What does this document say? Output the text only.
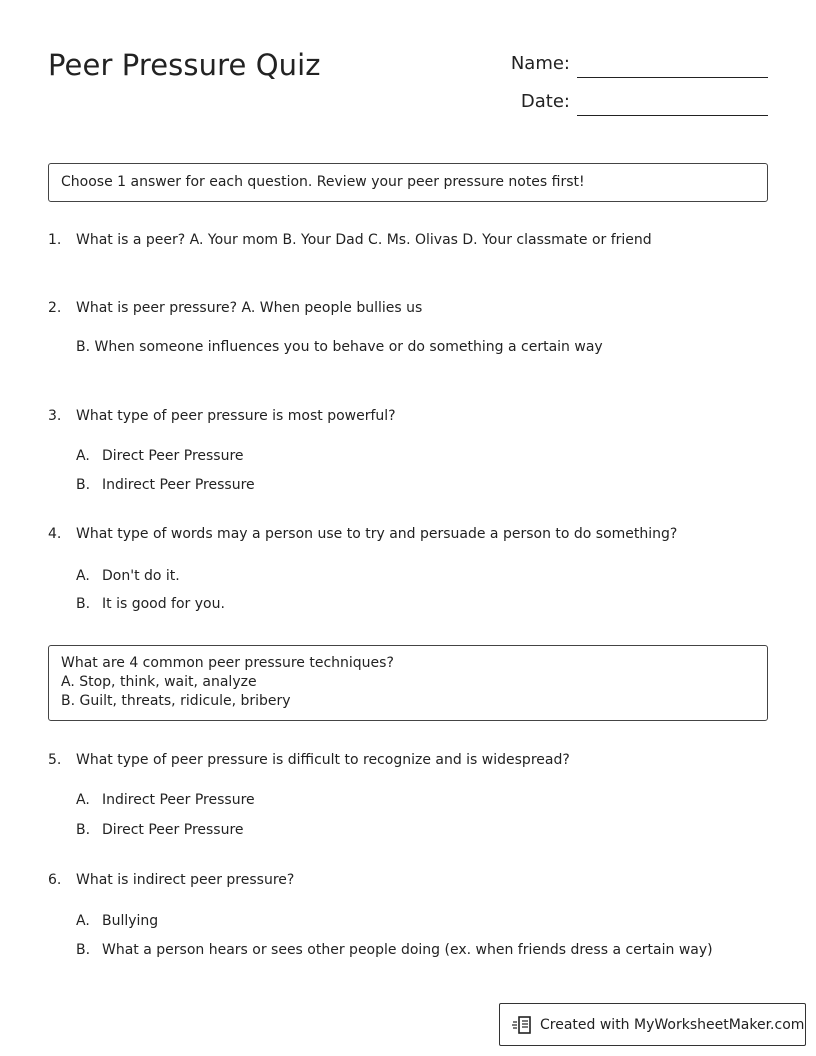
Peer Pressure Quiz	Name:
Date:
Choose 1 answer for each question. Review your peer pressure notes first!
1. What is a peer? A. Your mom B. Your Dad C. Ms. Olivas D. Your classmate or friend
2. What is peer pressure? A. When people bullies us
B. When someone influences you to behave or do something a certain way
3. What type of peer pressure is most powerful?
A. Direct Peer Pressure
B. Indirect Peer Pressure
4. What type of words may a person use to try and persuade a person to do something?
A. Don't do it.
B. It is good for you.
What are 4 common peer pressure techniques?
A. Stop, think, wait, analyze
B. Guilt, threats, ridicule, bribery
5. What type of peer pressure is difficult to recognize and is widespread?
A. Indirect Peer Pressure
B. Direct Peer Pressure
6. What is indirect peer pressure?
A. Bullying
B. What a person hears or sees other people doing (ex. when friends dress a certain way)
Created with MyWorksheetMaker.com
